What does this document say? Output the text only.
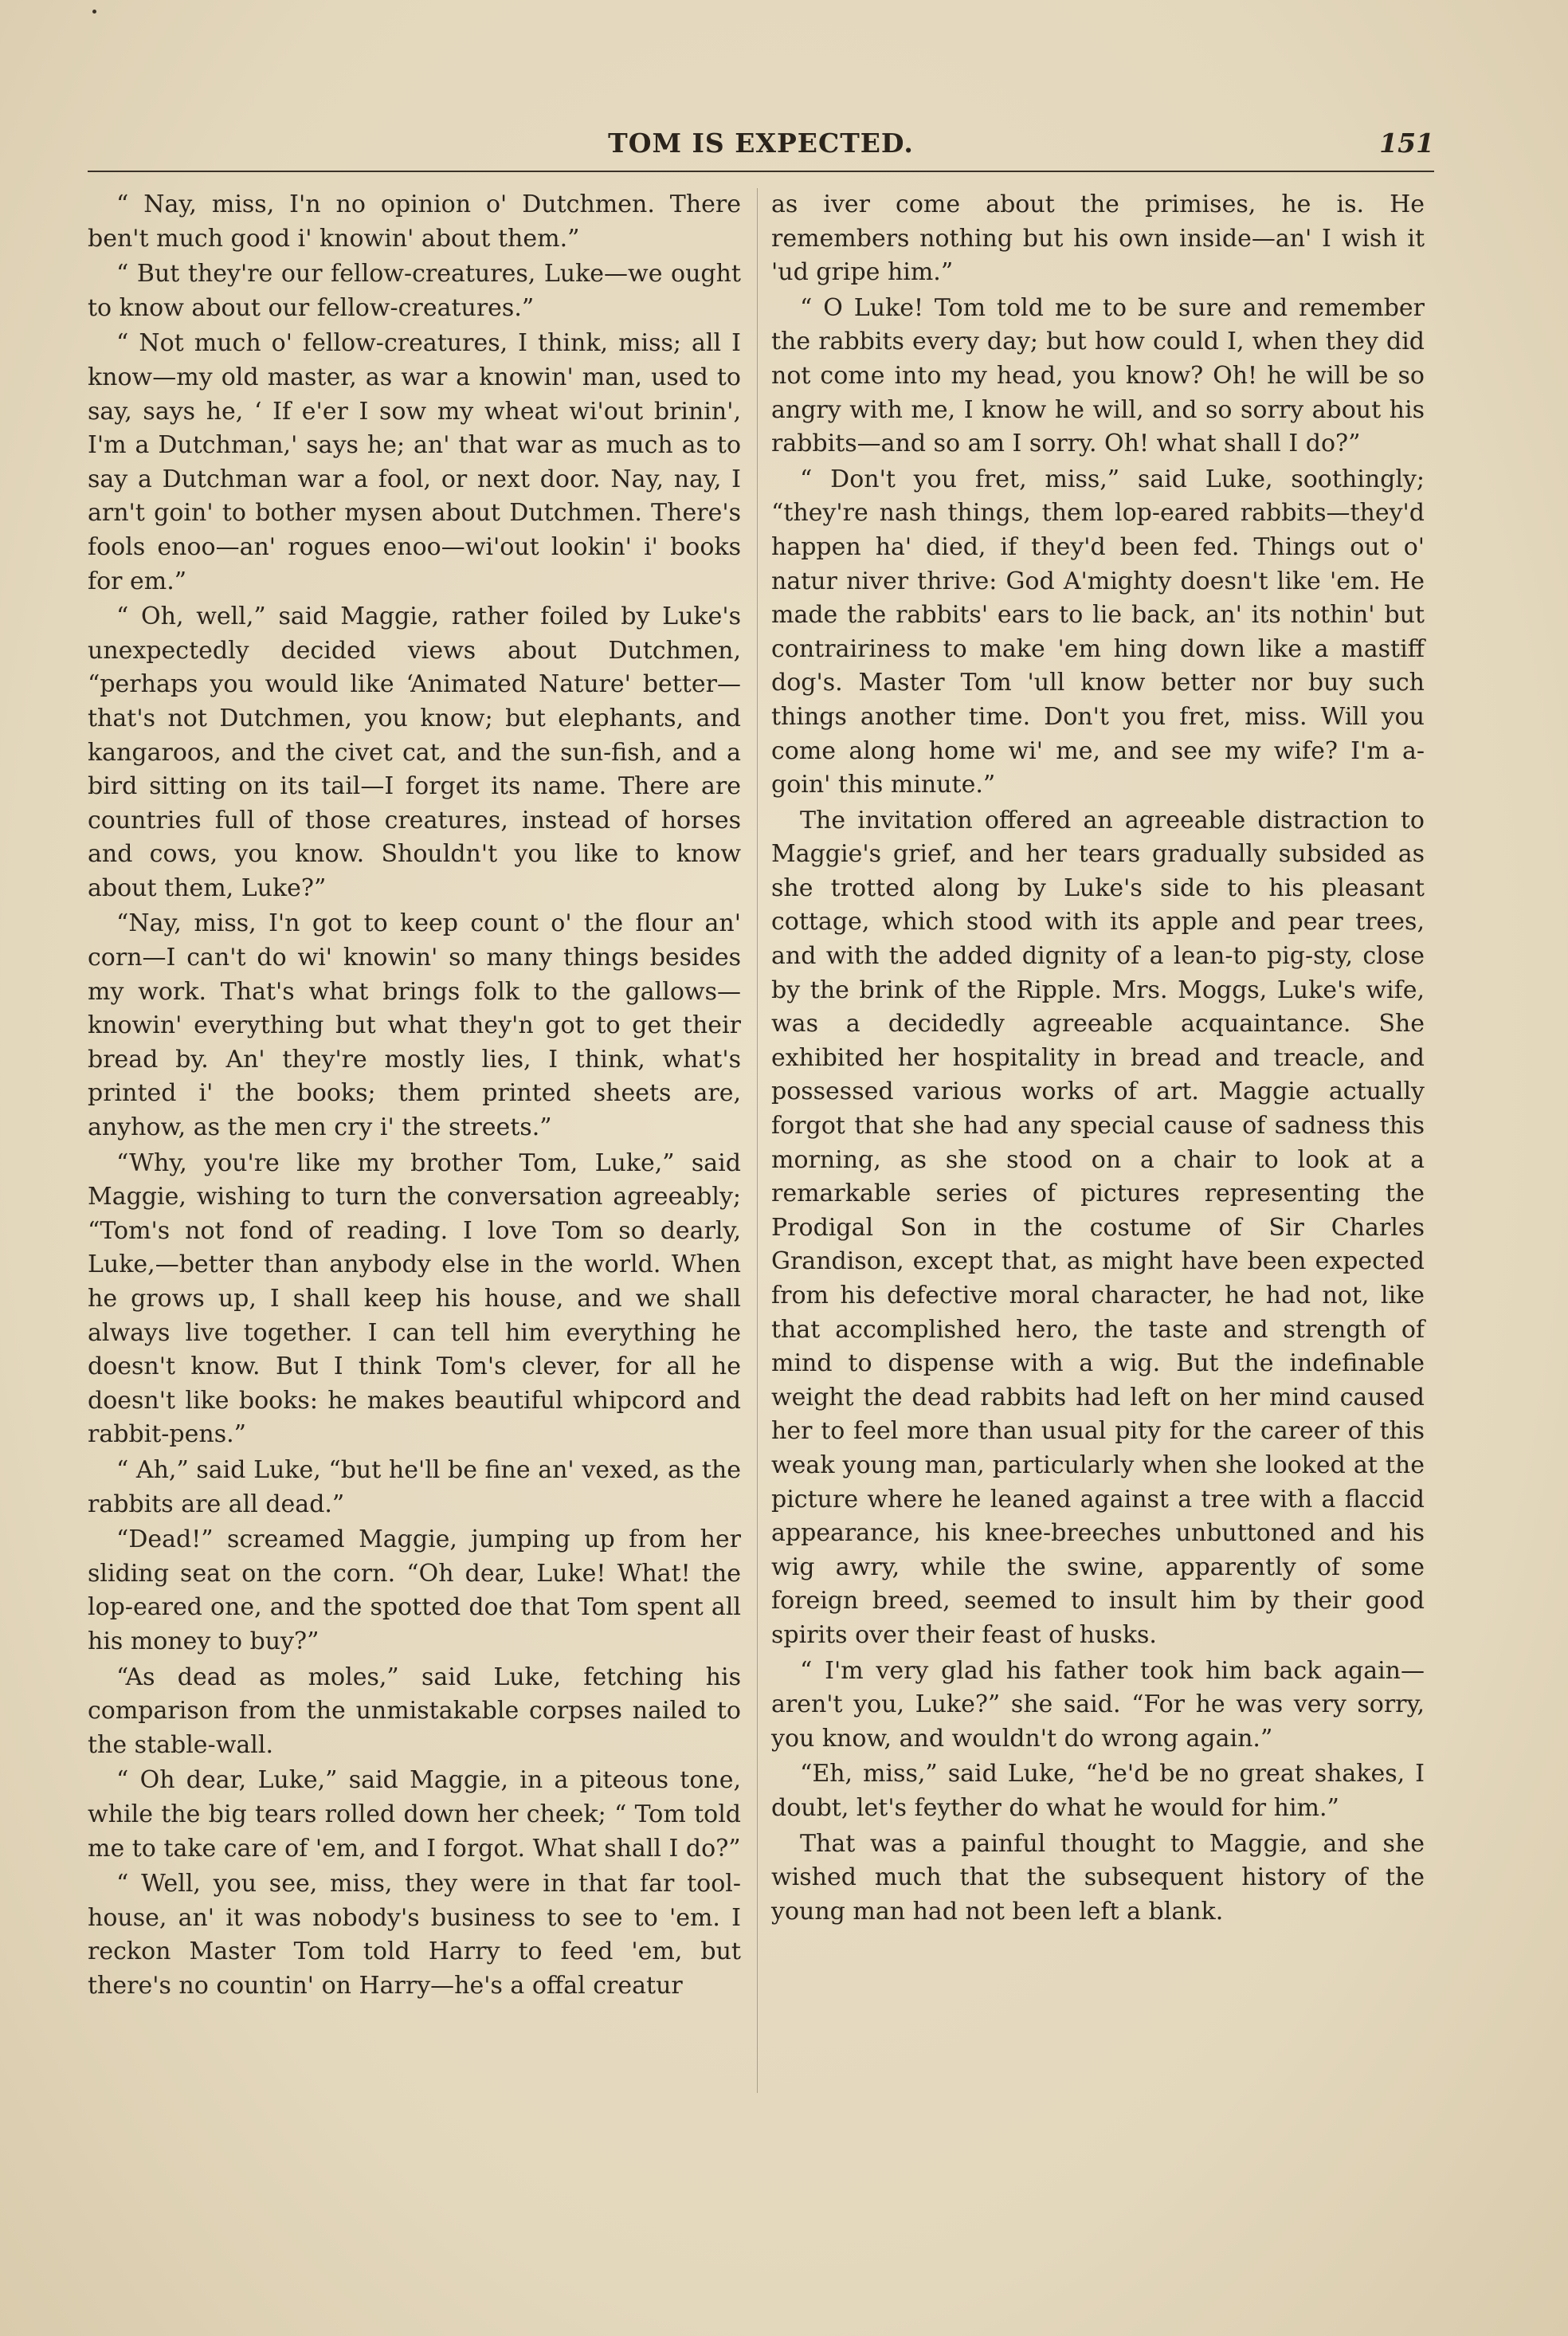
TOM IS EXPECTED.	151

“ Nay, miss, I'n no opinion o' Dutchmen. There ben't much good i' knowin' about them.”

“ But they're our fellow-creatures, Luke—we ought to know about our fellow-creatures.”

“ Not much o' fellow-creatures, I think, miss; all I know—my old master, as war a knowin' man, used to say, says he, ‘ If e'er I sow my wheat wi'out brinin', I'm a Dutchman,' says he; an' that war as much as to say a Dutchman war a fool, or next door. Nay, nay, I arn't goin' to bother mysen about Dutchmen. There's fools enoo—an' rogues enoo—wi'out lookin' i' books for em.”

“ Oh, well,” said Maggie, rather foiled by Luke's unexpectedly decided views about Dutchmen, “perhaps you would like ‘Animated Nature' better—that's not Dutchmen, you know; but elephants, and kangaroos, and the civet cat, and the sun-fish, and a bird sitting on its tail—I forget its name. There are countries full of those creatures, instead of horses and cows, you know. Shouldn't you like to know about them, Luke?”

“Nay, miss, I'n got to keep count o' the flour an' corn—I can't do wi' knowin' so many things besides my work. That's what brings folk to the gallows—knowin' everything but what they'n got to get their bread by. An' they're mostly lies, I think, what's printed i' the books; them printed sheets are, anyhow, as the men cry i' the streets.”

“Why, you're like my brother Tom, Luke,” said Maggie, wishing to turn the conversation agreeably; “Tom's not fond of reading. I love Tom so dearly, Luke,—better than anybody else in the world. When he grows up, I shall keep his house, and we shall always live together. I can tell him everything he doesn't know. But I think Tom's clever, for all he doesn't like books: he makes beautiful whipcord and rabbit-pens.”

“ Ah,” said Luke, “but he'll be fine an' vexed, as the rabbits are all dead.”

“Dead!” screamed Maggie, jumping up from her sliding seat on the corn. “Oh dear, Luke! What! the lop-eared one, and the spotted doe that Tom spent all his money to buy?”

“As dead as moles,” said Luke, fetching his comparison from the unmistakable corpses nailed to the stable-wall.

“ Oh dear, Luke,” said Maggie, in a piteous tone, while the big tears rolled down her cheek; “ Tom told me to take care of 'em, and I forgot. What shall I do?”

“ Well, you see, miss, they were in that far tool-house, an' it was nobody's business to see to 'em. I reckon Master Tom told Harry to feed 'em, but there's no countin' on Harry—he's a offal creatur

as iver come about the primises, he is. He remembers nothing but his own inside—an' I wish it 'ud gripe him.”

“ O Luke! Tom told me to be sure and remember the rabbits every day; but how could I, when they did not come into my head, you know? Oh! he will be so angry with me, I know he will, and so sorry about his rabbits—and so am I sorry. Oh! what shall I do?”

“ Don't you fret, miss,” said Luke, soothingly; “they're nash things, them lop-eared rabbits—they'd happen ha' died, if they'd been fed. Things out o' natur niver thrive: God A'mighty doesn't like 'em. He made the rabbits' ears to lie back, an' its nothin' but contrairiness to make 'em hing down like a mastiff dog's. Master Tom 'ull know better nor buy such things another time. Don't you fret, miss. Will you come along home wi' me, and see my wife? I'm a-goin' this minute.”

The invitation offered an agreeable distraction to Maggie's grief, and her tears gradually subsided as she trotted along by Luke's side to his pleasant cottage, which stood with its apple and pear trees, and with the added dignity of a lean-to pig-sty, close by the brink of the Ripple. Mrs. Moggs, Luke's wife, was a decidedly agreeable acquaintance. She exhibited her hospitality in bread and treacle, and possessed various works of art. Maggie actually forgot that she had any special cause of sadness this morning, as she stood on a chair to look at a remarkable series of pictures representing the Prodigal Son in the costume of Sir Charles Grandison, except that, as might have been expected from his defective moral character, he had not, like that accomplished hero, the taste and strength of mind to dispense with a wig. But the indefinable weight the dead rabbits had left on her mind caused her to feel more than usual pity for the career of this weak young man, particularly when she looked at the picture where he leaned against a tree with a flaccid appearance, his knee-breeches unbuttoned and his wig awry, while the swine, apparently of some foreign breed, seemed to insult him by their good spirits over their feast of husks.

“ I'm very glad his father took him back again—aren't you, Luke?” she said. “For he was very sorry, you know, and wouldn't do wrong again.”

“Eh, miss,” said Luke, “he'd be no great shakes, I doubt, let's feyther do what he would for him.”

That was a painful thought to Maggie, and she wished much that the subsequent history of the young man had not been left a blank.
